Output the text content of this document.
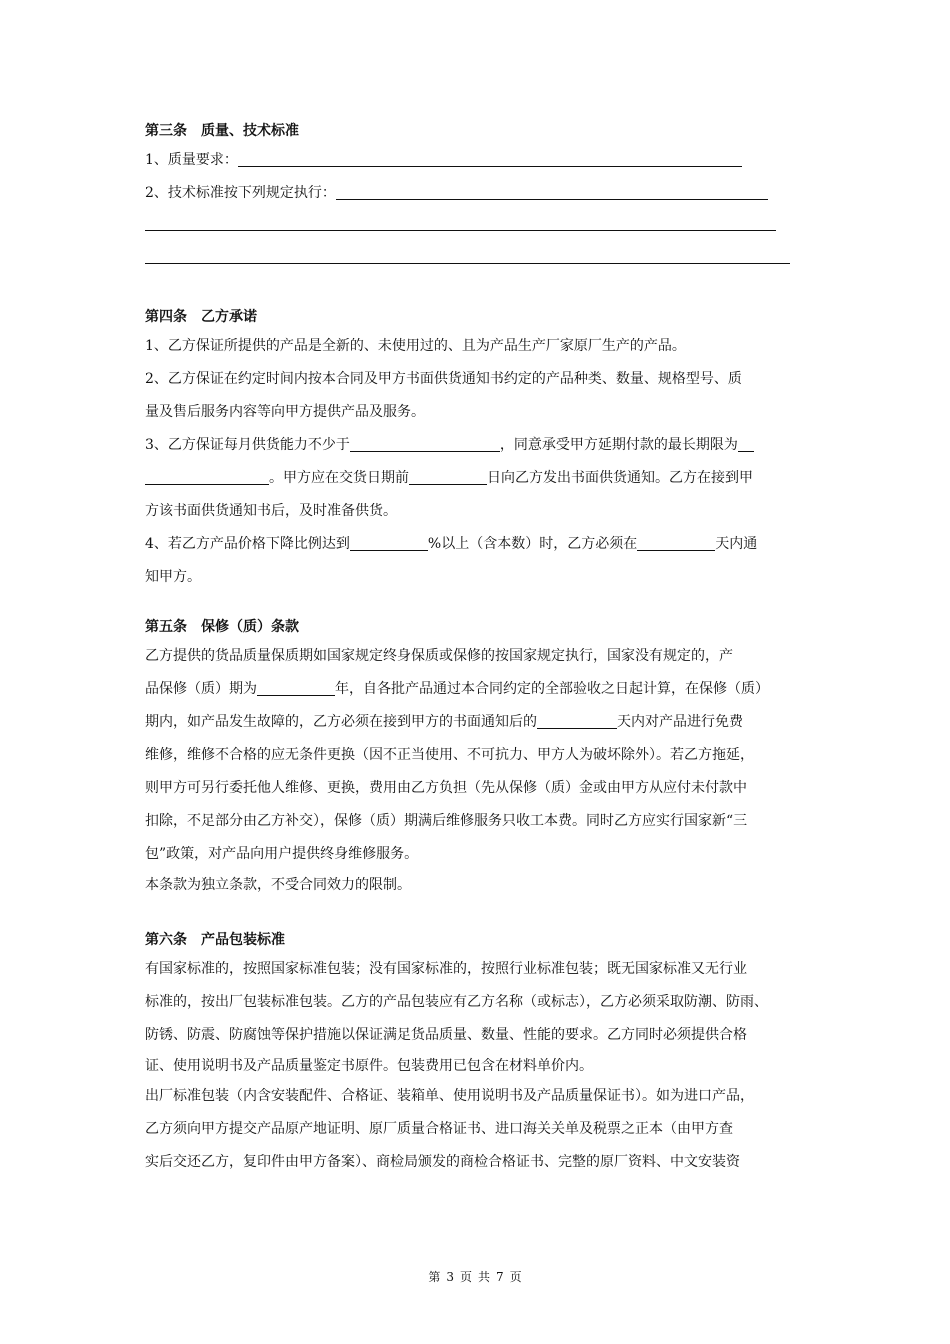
第三条　质量、技术标准
1、质量要求：
2、技术标准按下列规定执行：
第四条　乙方承诺
1、乙方保证所提供的产品是全新的、未使用过的、且为产品生产厂家原厂生产的产品。
2、乙方保证在约定时间内按本合同及甲方书面供货通知书约定的产品种类、数量、规格型号、质
量及售后服务内容等向甲方提供产品及服务。
3、乙方保证每月供货能力不少于	，同意承受甲方延期付款的最长期限为
。甲方应在交货日期前	日向乙方发出书面供货通知。乙方在接到甲
方该书面供货通知书后，及时准备供货。
4、若乙方产品价格下降比例达到	%以上（含本数）时，乙方必须在	天内通
知甲方。
第五条　保修（质）条款
乙方提供的货品质量保质期如国家规定终身保质或保修的按国家规定执行，国家没有规定的，产
品保修（质）期为	年，自各批产品通过本合同约定的全部验收之日起计算，在保修（质）
期内，如产品发生故障的，乙方必须在接到甲方的书面通知后的	天内对产品进行免费
维修，维修不合格的应无条件更换（因不正当使用、不可抗力、甲方人为破坏除外）。若乙方拖延，
则甲方可另行委托他人维修、更换，费用由乙方负担（先从保修（质）金或由甲方从应付未付款中
扣除，不足部分由乙方补交），保修（质）期满后维修服务只收工本费。同时乙方应实行国家新“三
包”政策，对产品向用户提供终身维修服务。
本条款为独立条款，不受合同效力的限制。
第六条　产品包装标准
有国家标准的，按照国家标准包装；没有国家标准的，按照行业标准包装；既无国家标准又无行业
标准的，按出厂包装标准包装。乙方的产品包装应有乙方名称（或标志），乙方必须采取防潮、防雨、
防锈、防震、防腐蚀等保护措施以保证满足货品质量、数量、性能的要求。乙方同时必须提供合格
证、使用说明书及产品质量鉴定书原件。包装费用已包含在材料单价内。
出厂标准包装（内含安装配件、合格证、装箱单、使用说明书及产品质量保证书）。如为进口产品，
乙方须向甲方提交产品原产地证明、原厂质量合格证书、进口海关关单及税票之正本（由甲方查
实后交还乙方，复印件由甲方备案）、商检局颁发的商检合格证书、完整的原厂资料、中文安装资
第 3 页 共 7 页
